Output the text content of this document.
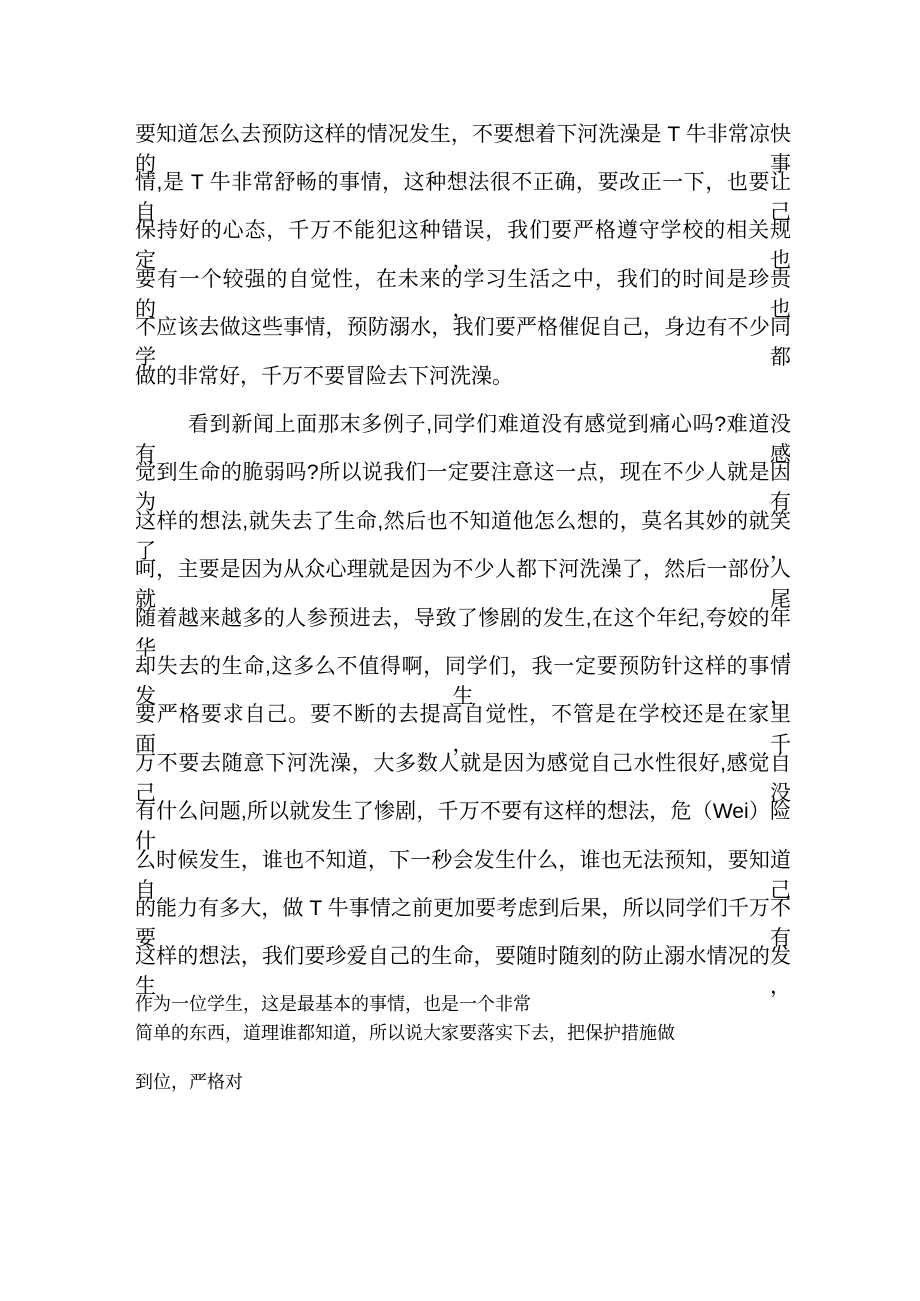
要知道怎么去预防这样的情况发生，不要想着下河洗澡是 T 牛非常凉快的事
情,是 T 牛非常舒畅的事情，这种想法很不正确，要改正一下，也要让自己
保持好的心态，千万不能犯这种错误，我们要严格遵守学校的相关规定，也
要有一个较强的自觉性，在未来的学习生活之中，我们的时间是珍贵的，也
不应该去做这些事情，预防溺水，我们要严格催促自己，身边有不少同学都
做的非常好，千万不要冒险去下河洗澡。
看到新闻上面那末多例子,同学们难道没有感觉到痛心吗?难道没有感
觉到生命的脆弱吗?所以说我们一定要注意这一点，现在不少人就是因为有
这样的想法,就失去了生命,然后也不知道他怎么想的，莫名其妙的就笑了，
呵，主要是因为从众心理就是因为不少人都下河洗澡了，然后一部份人就尾
随着越来越多的人参预进去，导致了惨剧的发生,在这个年纪,夸姣的年华,
却失去的生命,这多么不值得啊，同学们，我一定要预防针这样的事情发生，
要严格要求自己。要不断的去提高自觉性，不管是在学校还是在家里面，千
万不要去随意下河洗澡，大多数人就是因为感觉自己水性很好,感觉自己没
有什么问题,所以就发生了惨剧，千万不要有这样的想法，危（Wei）险什
么时候发生，谁也不知道，下一秒会发生什么，谁也无法预知，要知道自己
的能力有多大，做 T 牛事情之前更加要考虑到后果，所以同学们千万不要有
这样的想法，我们要珍爱自己的生命，要随时随刻的防止溺水情况的发生，
作为一位学生，这是最基本的事情，也是一个非常
简单的东西，道理谁都知道，所以说大家要落实下去，把保护措施做
到位，严格对
